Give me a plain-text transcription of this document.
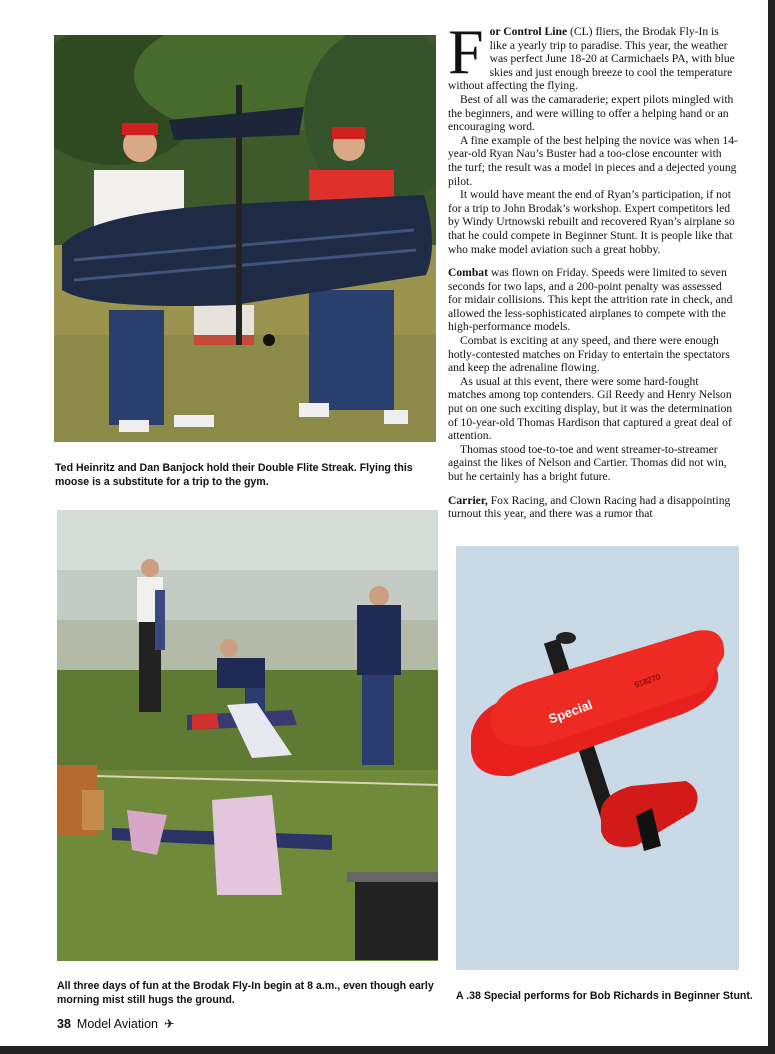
Ted Heinritz and Dan Banjock hold their Double Flite Streak. Flying this moose is a substitute for a trip to the gym.
All three days of fun at the Brodak Fly-In begin at 8 a.m., even though early morning mist still hugs the ground.
Special
518270
A .38 Special performs for Bob Richards in Beginner Stunt.

For Control Line (CL) fliers, the Brodak Fly-In is like a yearly trip to paradise. This year, the weather was perfect June 18-20 at Carmichaels PA, with blue skies and just enough breeze to cool the temperature without affecting the flying.

Best of all was the camaraderie; expert pilots mingled with the beginners, and were willing to offer a helping hand or an encouraging word.

A fine example of the best helping the novice was when 14-year-old Ryan Nau’s Buster had a too-close encounter with the turf; the result was a model in pieces and a dejected young pilot.

It would have meant the end of Ryan’s participation, if not for a trip to John Brodak’s workshop. Expert competitors led by Windy Urtnowski rebuilt and recovered Ryan’s airplane so that he could compete in Beginner Stunt. It is people like that who make model aviation such a great hobby.

Combat was flown on Friday. Speeds were limited to seven seconds for two laps, and a 200-point penalty was assessed for midair collisions. This kept the attrition rate in check, and allowed the less-sophisticated airplanes to compete with the high-performance models.

Combat is exciting at any speed, and there were enough hotly-contested matches on Friday to entertain the spectators and keep the adrenaline flowing.

As usual at this event, there were some hard-fought matches among top contenders. Gil Reedy and Henry Nelson put on one such exciting display, but it was the determination of 10-year-old Thomas Hardison that captured a great deal of attention.

Thomas stood toe-to-toe and went streamer-to-streamer against the likes of Nelson and Cartier. Thomas did not win, but he certainly has a bright future.

Carrier, Fox Racing, and Clown Racing had a disappointing turnout this year, and there was a rumor that

38 Model Aviation ✈
